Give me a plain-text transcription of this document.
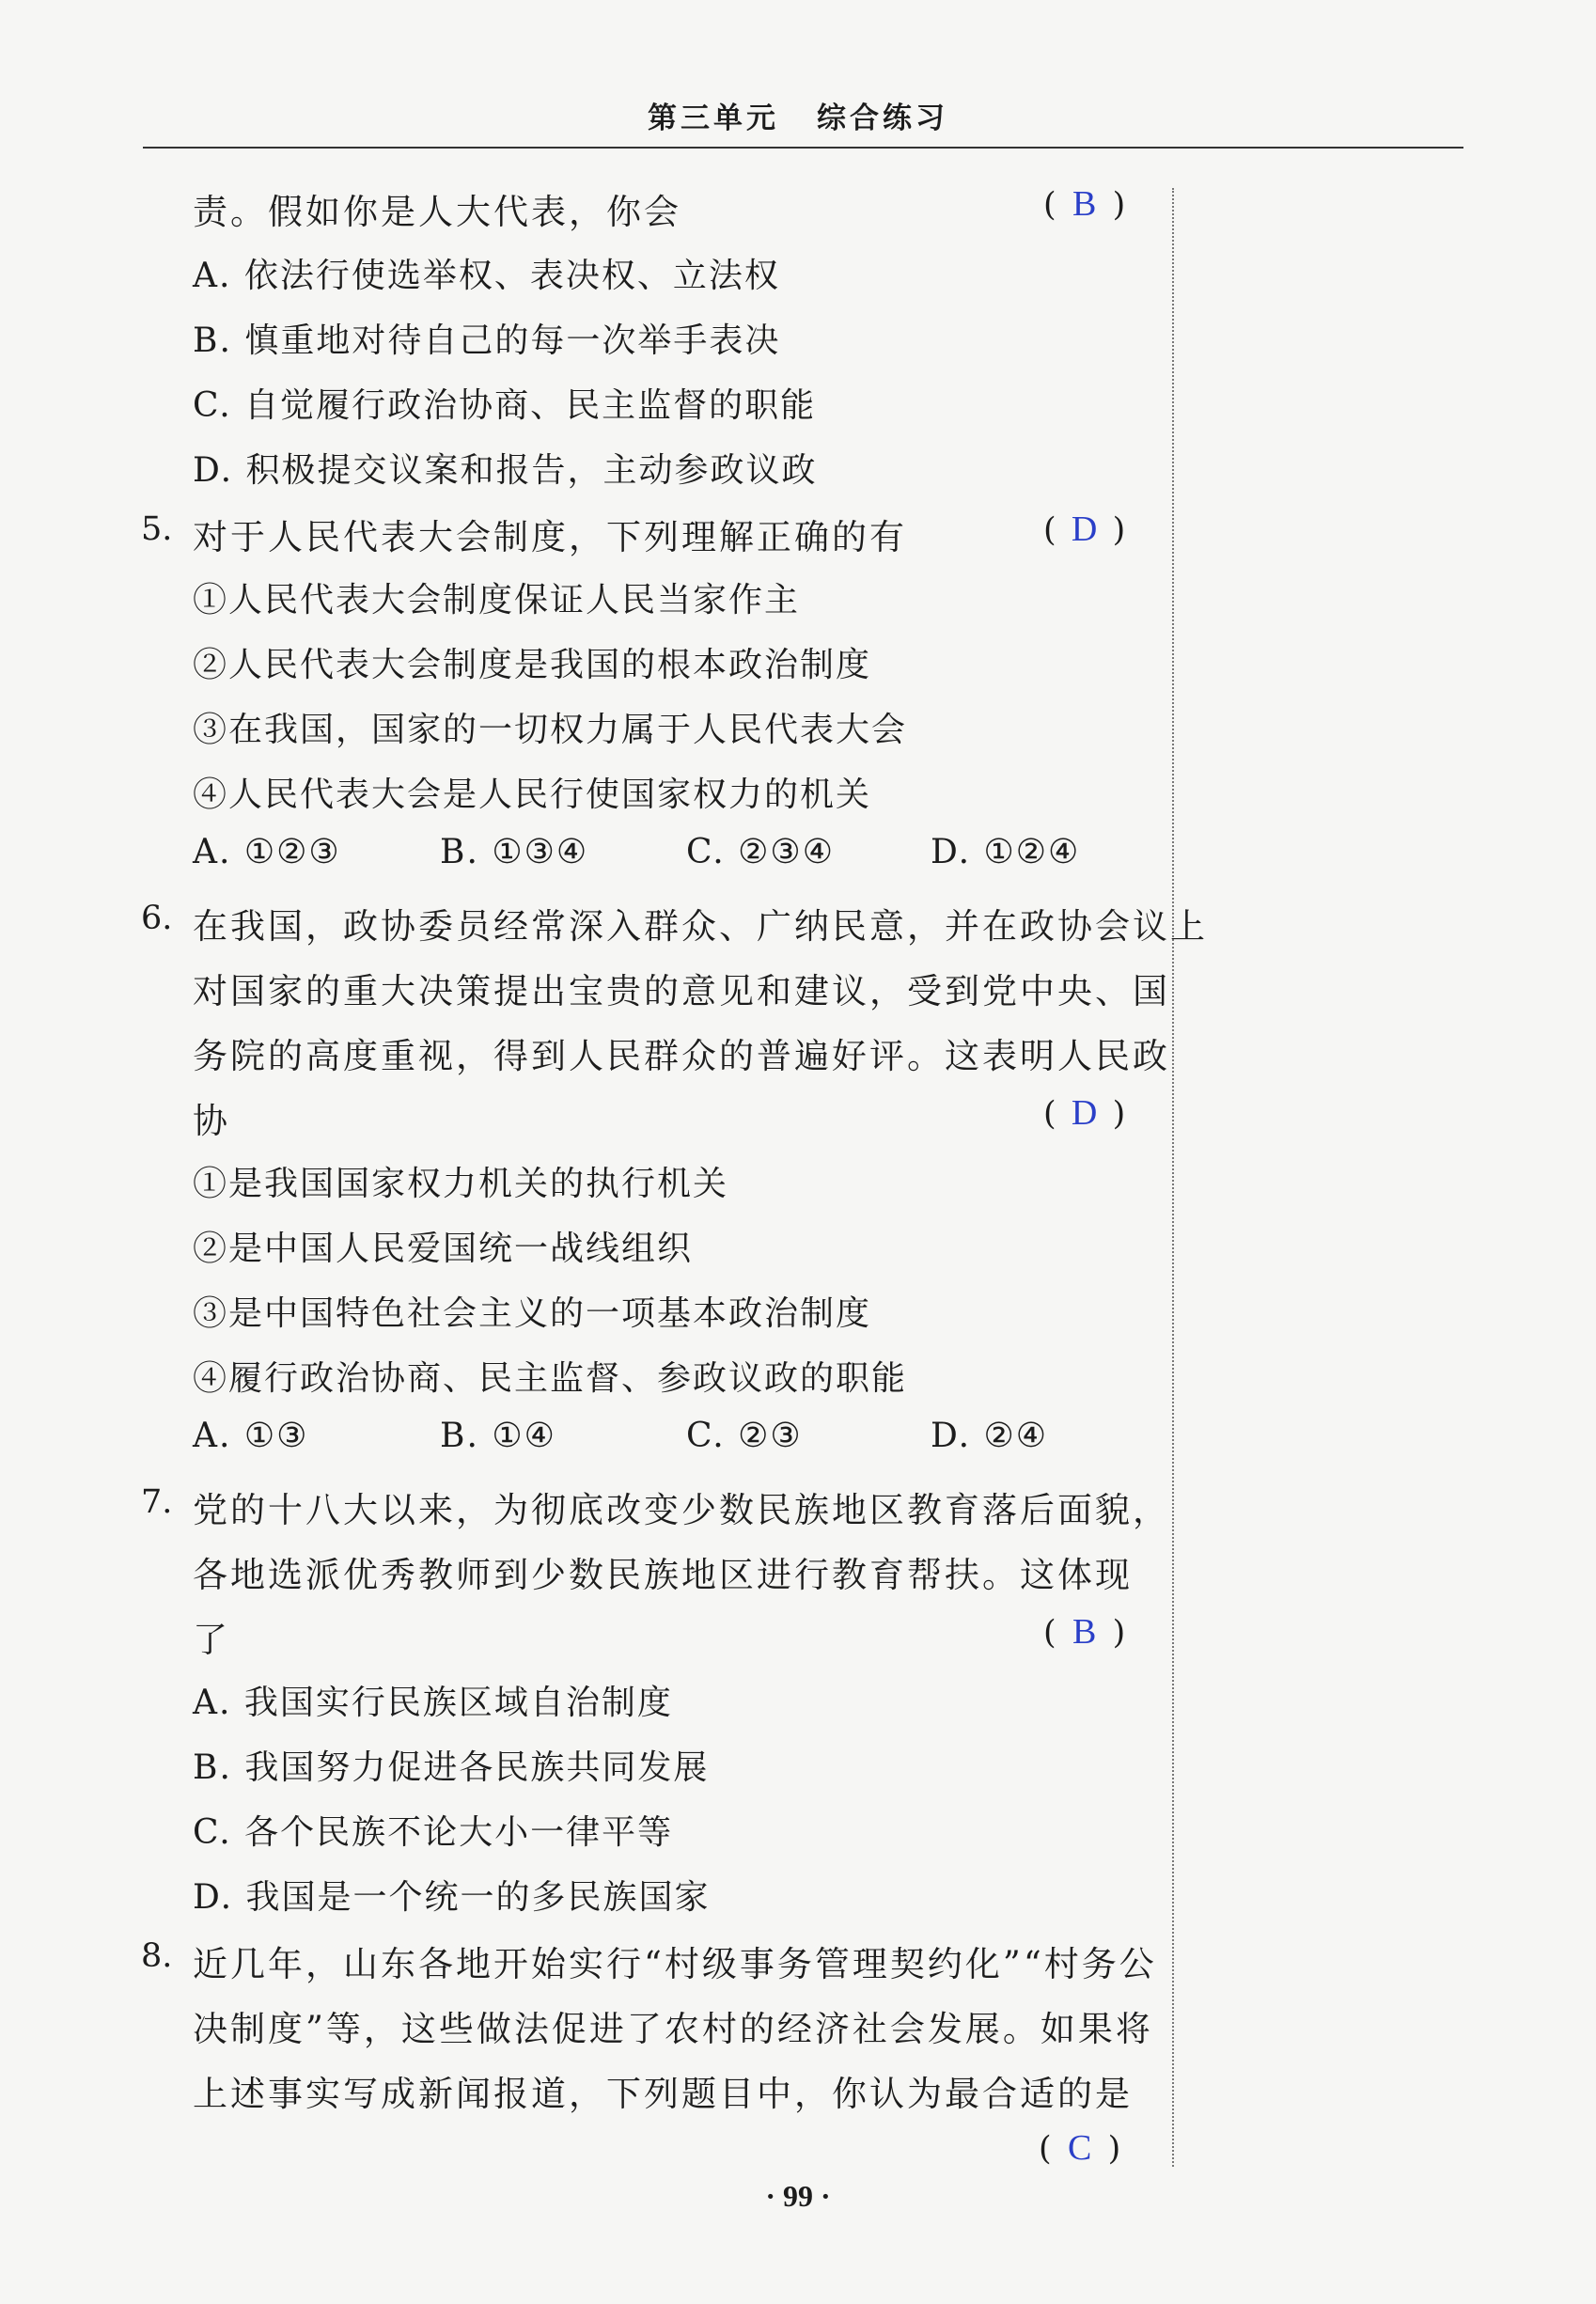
第三单元 综合练习
责。假如你是人大代表，你会	( B )
A. 依法行使选举权、表决权、立法权
B. 慎重地对待自己的每一次举手表决
C. 自觉履行政治协商、民主监督的职能
D. 积极提交议案和报告，主动参政议政
5. 对于人民代表大会制度，下列理解正确的有	( D )
①人民代表大会制度保证人民当家作主
②人民代表大会制度是我国的根本政治制度
③在我国，国家的一切权力属于人民代表大会
④人民代表大会是人民行使国家权力的机关
A. ①②③	B. ①③④	C. ②③④	D. ①②④
6. 在我国，政协委员经常深入群众、广纳民意，并在政协会议上
对国家的重大决策提出宝贵的意见和建议，受到党中央、国
务院的高度重视，得到人民群众的普遍好评。这表明人民政
协	( D )
①是我国国家权力机关的执行机关
②是中国人民爱国统一战线组织
③是中国特色社会主义的一项基本政治制度
④履行政治协商、民主监督、参政议政的职能
A. ①③	B. ①④	C. ②③	D. ②④
7. 党的十八大以来，为彻底改变少数民族地区教育落后面貌，
各地选派优秀教师到少数民族地区进行教育帮扶。这体现
了	( B )
A. 我国实行民族区域自治制度
B. 我国努力促进各民族共同发展
C. 各个民族不论大小一律平等
D. 我国是一个统一的多民族国家
8. 近几年，山东各地开始实行“村级事务管理契约化”“村务公
决制度”等，这些做法促进了农村的经济社会发展。如果将
上述事实写成新闻报道，下列题目中，你认为最合适的是
( C )
· 99 ·
